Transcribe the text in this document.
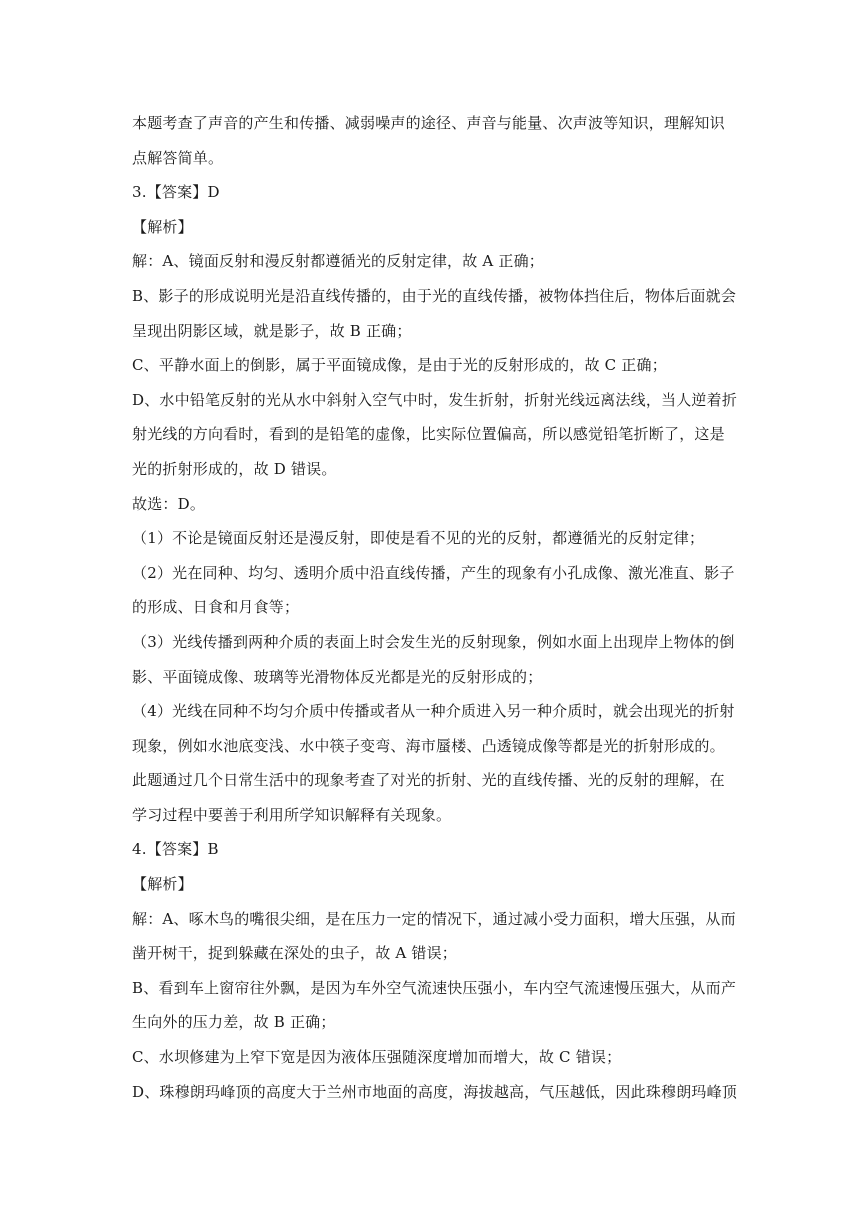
本题考查了声音的产生和传播、减弱噪声的途径、声音与能量、次声波等知识，理解知识
点解答简单。
3.【答案】D
【解析】
解：A、镜面反射和漫反射都遵循光的反射定律，故 A 正确；
B、影子的形成说明光是沿直线传播的，由于光的直线传播，被物体挡住后，物体后面就会
呈现出阴影区域，就是影子，故 B 正确；
C、平静水面上的倒影，属于平面镜成像，是由于光的反射形成的，故 C 正确；
D、水中铅笔反射的光从水中斜射入空气中时，发生折射，折射光线远离法线，当人逆着折
射光线的方向看时，看到的是铅笔的虚像，比实际位置偏高，所以感觉铅笔折断了，这是
光的折射形成的，故 D 错误。
故选：D。
（1）不论是镜面反射还是漫反射，即使是看不见的光的反射，都遵循光的反射定律；
（2）光在同种、均匀、透明介质中沿直线传播，产生的现象有小孔成像、激光准直、影子
的形成、日食和月食等；
（3）光线传播到两种介质的表面上时会发生光的反射现象，例如水面上出现岸上物体的倒
影、平面镜成像、玻璃等光滑物体反光都是光的反射形成的；
（4）光线在同种不均匀介质中传播或者从一种介质进入另一种介质时，就会出现光的折射
现象，例如水池底变浅、水中筷子变弯、海市蜃楼、凸透镜成像等都是光的折射形成的。
此题通过几个日常生活中的现象考查了对光的折射、光的直线传播、光的反射的理解，在
学习过程中要善于利用所学知识解释有关现象。
4.【答案】B
【解析】
解：A、啄木鸟的嘴很尖细，是在压力一定的情况下，通过减小受力面积，增大压强，从而
凿开树干，捉到躲藏在深处的虫子，故 A 错误；
B、看到车上窗帘往外飘，是因为车外空气流速快压强小，车内空气流速慢压强大，从而产
生向外的压力差，故 B 正确；
C、水坝修建为上窄下宽是因为液体压强随深度增加而增大，故 C 错误；
D、珠穆朗玛峰顶的高度大于兰州市地面的高度，海拔越高，气压越低，因此珠穆朗玛峰顶
